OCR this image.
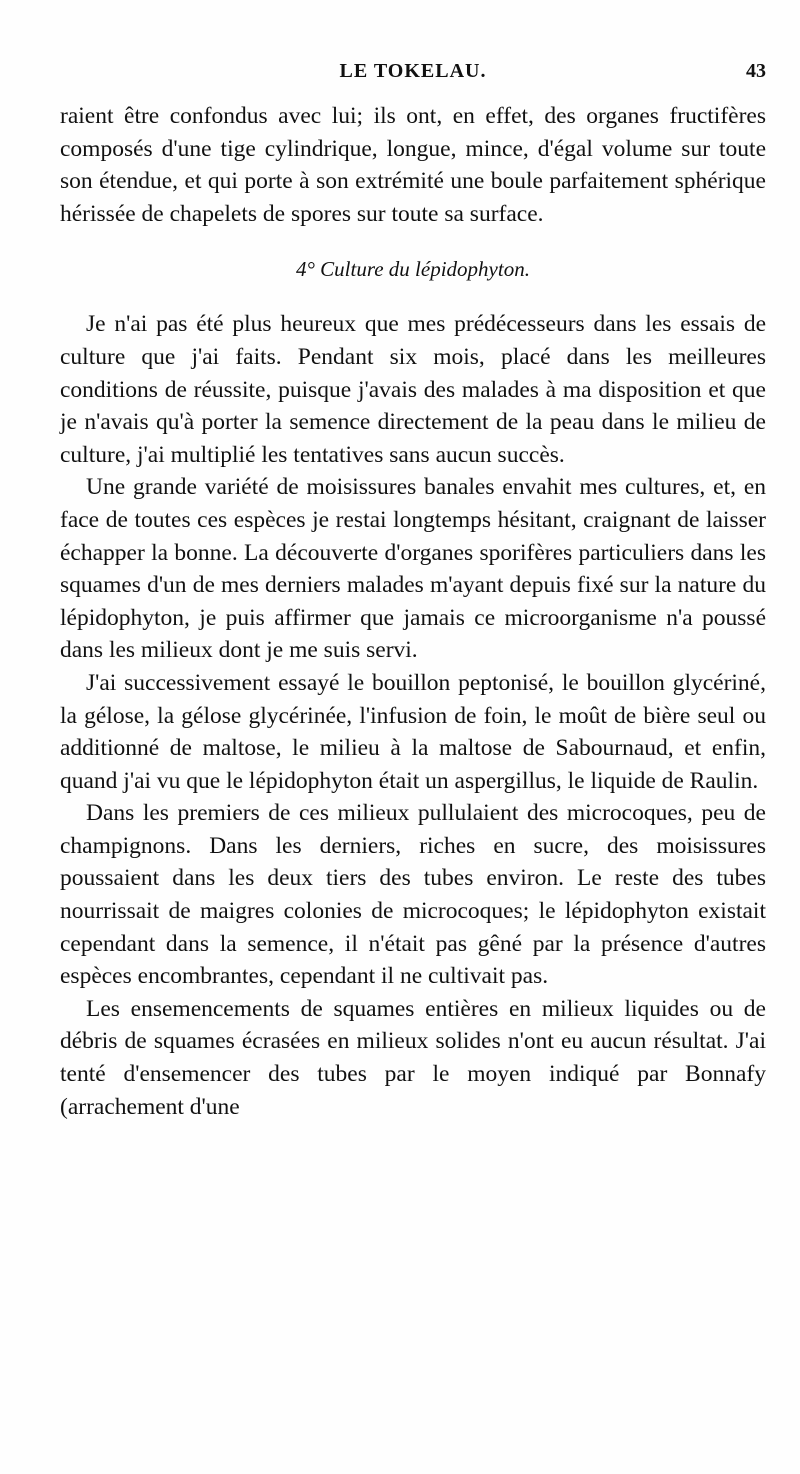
LE TOKELAU.	43

raient être confondus avec lui; ils ont, en effet, des organes fructifères composés d'une tige cylindrique, longue, mince, d'égal volume sur toute son étendue, et qui porte à son extrémité une boule parfaitement sphérique hérissée de chapelets de spores sur toute sa surface.

4° Culture du lépidophyton.

Je n'ai pas été plus heureux que mes prédécesseurs dans les essais de culture que j'ai faits. Pendant six mois, placé dans les meilleures conditions de réussite, puisque j'avais des malades à ma disposition et que je n'avais qu'à porter la semence directement de la peau dans le milieu de culture, j'ai multiplié les tentatives sans aucun succès.

Une grande variété de moisissures banales envahit mes cultures, et, en face de toutes ces espèces je restai longtemps hésitant, craignant de laisser échapper la bonne. La découverte d'organes sporifères particuliers dans les squames d'un de mes derniers malades m'ayant depuis fixé sur la nature du lépidophyton, je puis affirmer que jamais ce microorganisme n'a poussé dans les milieux dont je me suis servi.

J'ai successivement essayé le bouillon peptonisé, le bouillon glycériné, la gélose, la gélose glycérinée, l'infusion de foin, le moût de bière seul ou additionné de maltose, le milieu à la maltose de Sabournaud, et enfin, quand j'ai vu que le lépidophyton était un aspergillus, le liquide de Raulin.

Dans les premiers de ces milieux pullulaient des microcoques, peu de champignons. Dans les derniers, riches en sucre, des moisissures poussaient dans les deux tiers des tubes environ. Le reste des tubes nourrissait de maigres colonies de microcoques; le lépidophyton existait cependant dans la semence, il n'était pas gêné par la présence d'autres espèces encombrantes, cependant il ne cultivait pas.

Les ensemencements de squames entières en milieux liquides ou de débris de squames écrasées en milieux solides n'ont eu aucun résultat. J'ai tenté d'ensemencer des tubes par le moyen indiqué par Bonnafy (arrachement d'une
